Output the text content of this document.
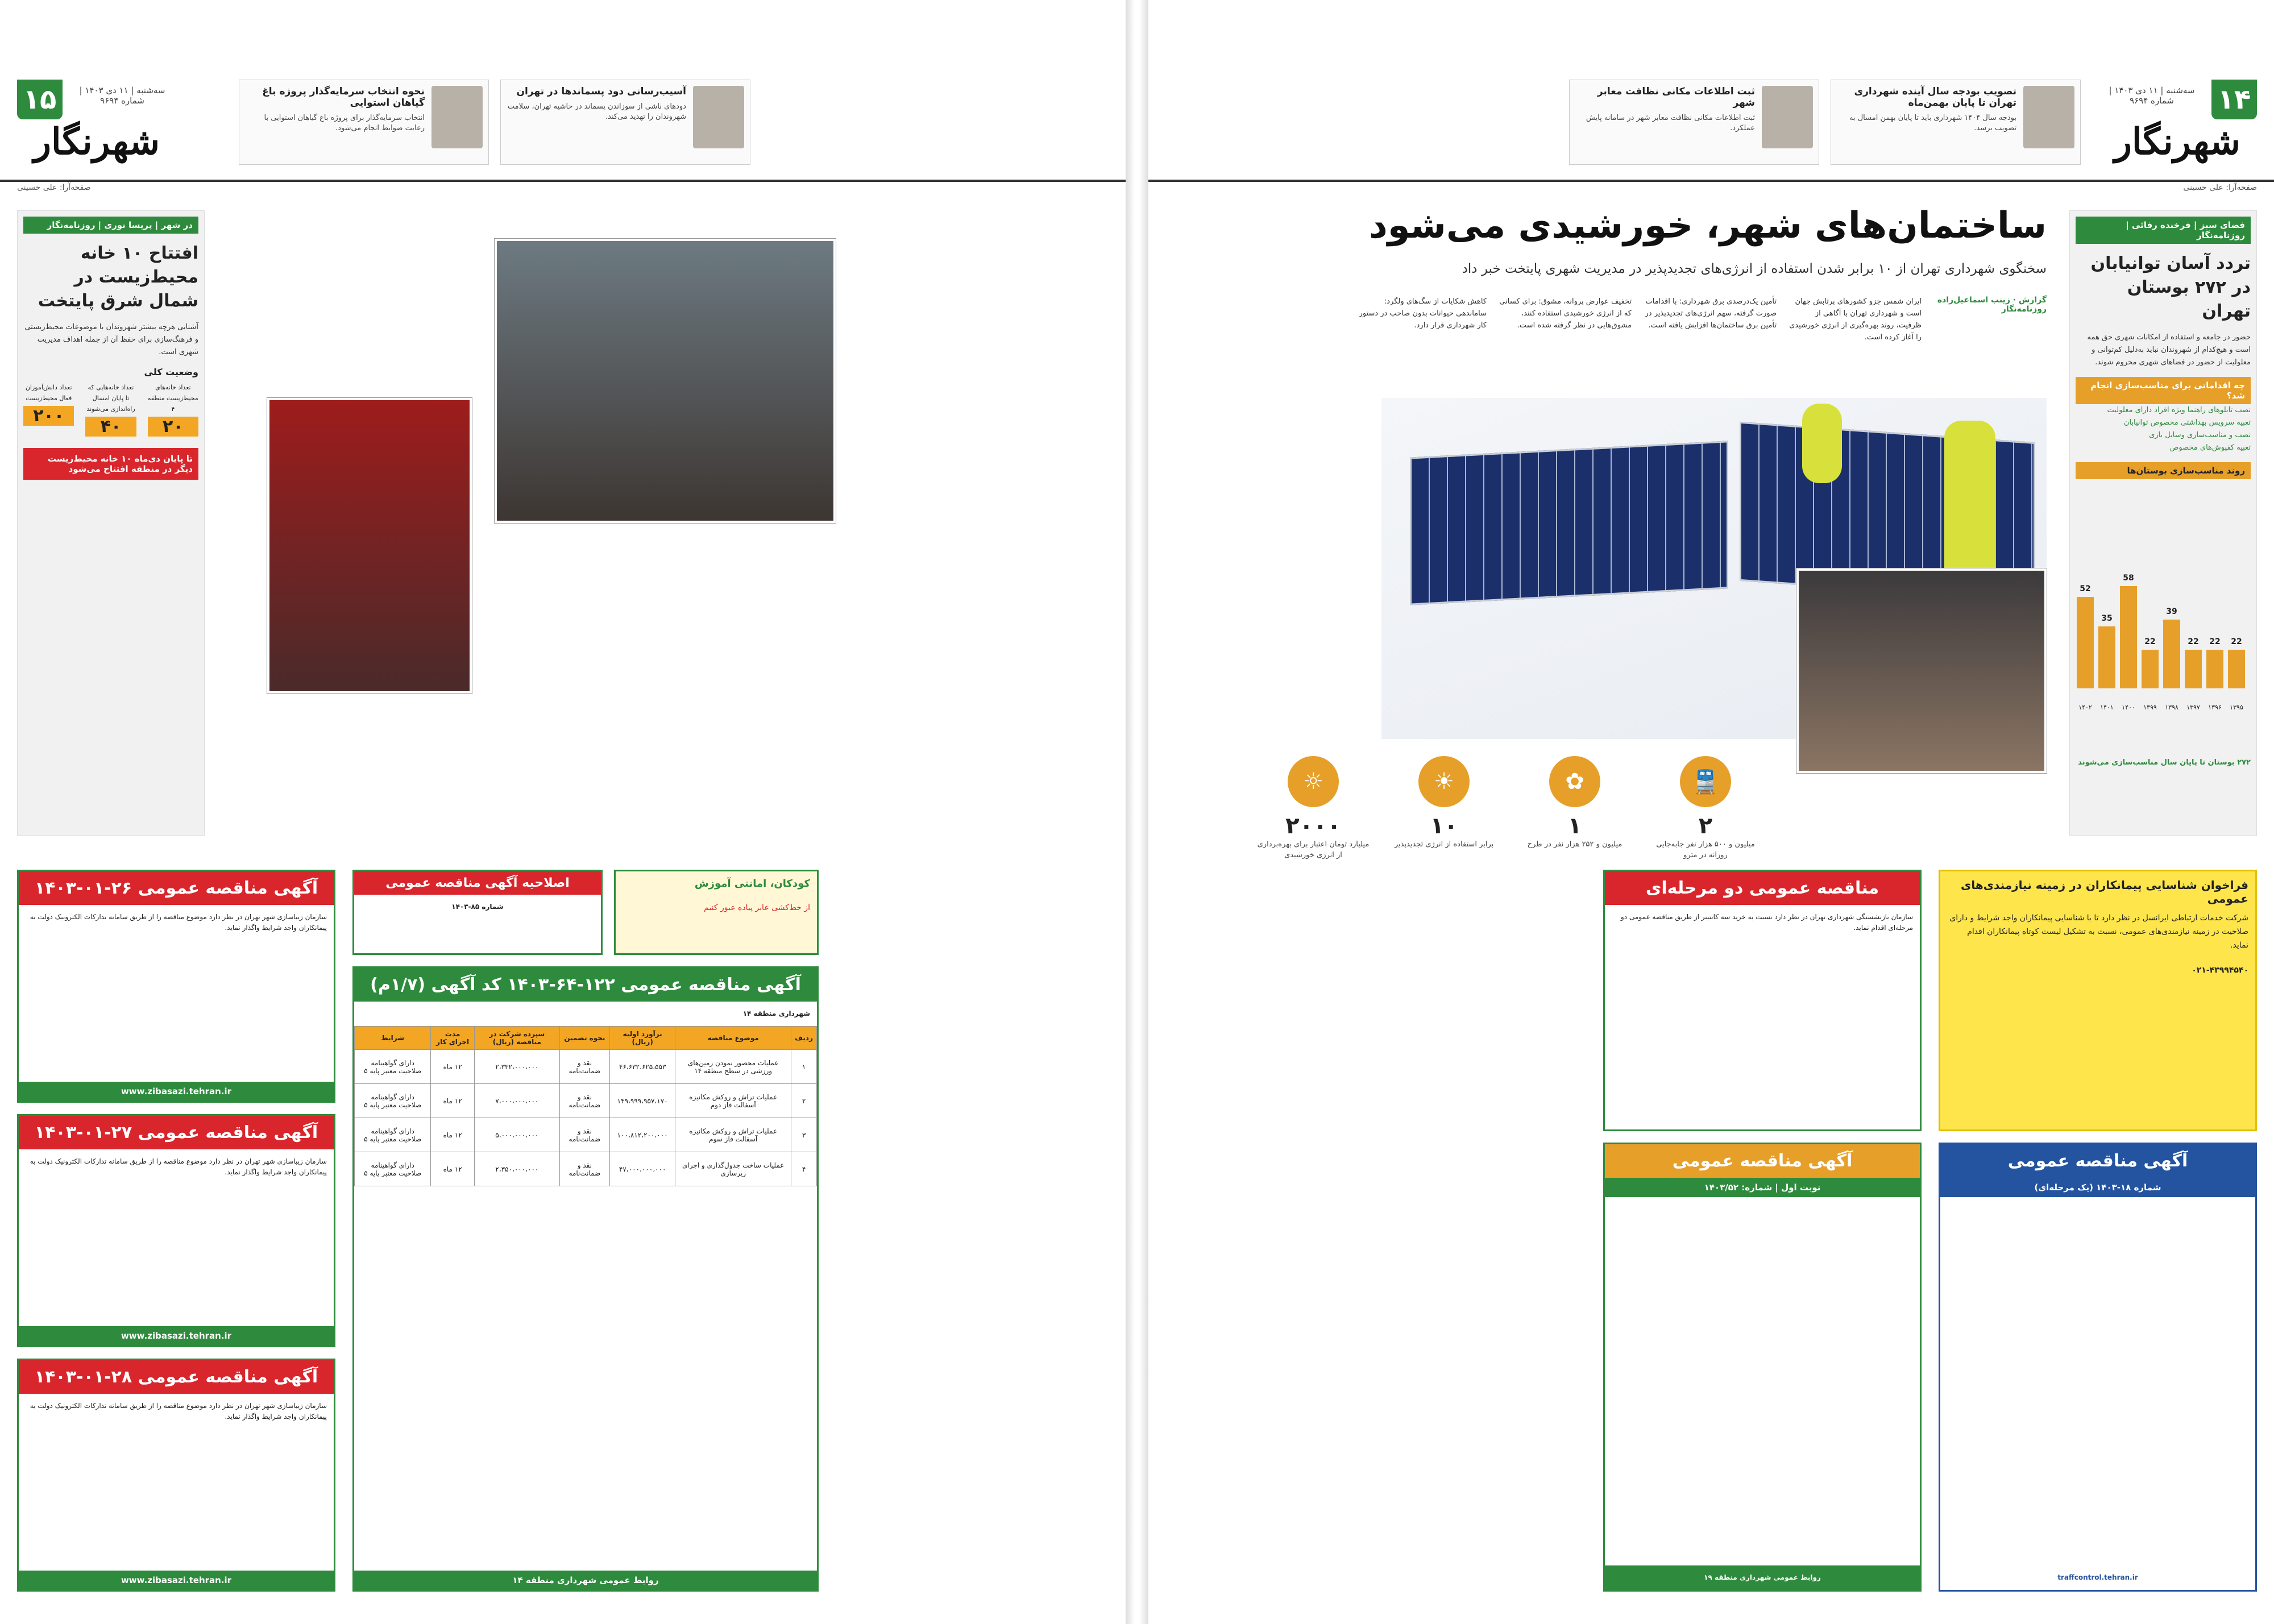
۱۴
سه‌شنبه | ۱۱ دی ۱۴۰۳ | شماره ۹۶۹۴
شهرنگار
تصویب بودجه سال آینده شهرداری تهران تا پایان بهمن‌ماه

بودجه سال ۱۴۰۴ شهرداری باید تا پایان بهمن امسال به تصویب برسد.

ثبت اطلاعات مکانی نظافت معابر شهر

ثبت اطلاعات مکانی نظافت معابر شهر در سامانه پایش عملکرد.

صفحه‌آرا: علی حسینی
فضای سبز | فرخنده رفائی | روزنامه‌نگار
تردد آسان توانیابان در ۲۷۲ بوستان تهران

حضور در جامعه و استفاده از امکانات شهری حق همه است و هیچ‌کدام از شهروندان نباید به‌دلیل کم‌توانی و معلولیت از حضور در فضاهای شهری محروم شوند.

چه اقداماتی برای مناسب‌سازی انجام شد؟
نصب تابلوهای راهنما ویژه افراد دارای معلولیت
تعبیه سرویس بهداشتی مخصوص توانیابان
نصب و مناسب‌سازی وسایل بازی
تعبیه کفپوش‌های مخصوص
روند مناسب‌سازی بوستان‌ها
22
۱۳۹۵
22
۱۳۹۶
22
۱۳۹۷
39
۱۳۹۸
22
۱۳۹۹
58
۱۴۰۰
35
۱۴۰۱
52
۱۴۰۲

۲۷۲ بوستان تا پایان سال مناسب‌سازی می‌شوند

ساختمان‌های شهر، خورشیدی می‌شود
سخنگوی شهرداری تهران از ۱۰ برابر شدن استفاده از انرژی‌های تجدیدپذیر در مدیریت شهری پایتخت خبر داد
گزارش · زینب‌ اسماعیل‌زاده
روزنامه‌نگار
ایران شمس جزو کشورهای پرتابش جهان است و شهرداری تهران با آگاهی از ظرفیت، روند بهره‌گیری از انرژی خورشیدی را آغاز کرده است.
تأمین یک‌درصدی برق شهرداری: با اقدامات صورت گرفته، سهم انرژی‌های تجدیدپذیر در تأمین برق ساختمان‌ها افزایش یافته است.
تخفیف عوارض پروانه، مشوق: برای کسانی که از انرژی خورشیدی استفاده کنند، مشوق‌هایی در نظر گرفته شده است.
کاهش شکایات از سگ‌های ولگرد: ساماندهی حیوانات بدون صاحب در دستور کار شهرداری قرار دارد.
🚆
۲
میلیون و ۵۰۰ هزار نفر جابه‌جایی روزانه در مترو
✿
۱
میلیون و ۲۵۲ هزار نفر در طرح
☀
۱۰
برابر استفاده از انرژی تجدیدپذیر
☼
۲۰۰۰
میلیارد تومان اعتبار برای بهره‌برداری از انرژی خورشیدی
فراخوان شناسایی پیمانکاران در زمینه نیازمندی‌های عمومی

شرکت خدمات ارتباطی ایرانسل در نظر دارد تا با شناسایی پیمانکاران واجد شرایط و دارای صلاحیت در زمینه نیازمندی‌های عمومی، نسبت به تشکیل لیست کوتاه پیمانکاران اقدام نماید.

۰۲۱-۴۳۹۹۴۵۴۰

مناقصه عمومی دو مرحله‌ای
سازمان بازنشستگی شهرداری تهران در نظر دارد نسبت به خرید سه کانتینر از طریق مناقصه عمومی دو مرحله‌ای اقدام نماید.
آگهی مناقصه عمومی
شماره ۱۸-۱۴۰۳ (یک مرحله‌ای)
traffcontrol.tehran.ir
آگهی مناقصه عمومی
نوبت اول | شماره: ۱۴۰۳/۵۲
روابط عمومی شهرداری منطقه ۱۹
۱۵	سه‌شنبه | ۱۱ دی ۱۴۰۳ | شماره ۹۶۹۴
شهرنگار
آسیب‌رسانی دود پسماندها در تهران

دودهای ناشی از سوزاندن پسماند در حاشیه تهران، سلامت شهروندان را تهدید می‌کند.

نحوه انتخاب سرمایه‌گذار پروژه باغ گیاهان استوایی

انتخاب سرمایه‌گذار برای پروژه باغ گیاهان استوایی با رعایت ضوابط انجام می‌شود.

صفحه‌آرا: علی حسینی
در شهر | پریسا نوری | روزنامه‌نگار
افتتاح ۱۰ خانه محیط‌زیست در شمال شرق پایتخت

آشنایی هرچه بیشتر شهروندان با موضوعات محیط‌زیستی و فرهنگ‌سازی برای حفظ آن از جمله اهداف مدیریت شهری است.

وضعیت کلی
تعداد خانه‌های محیط‌زیست منطقه ۴
۲۰
تعداد خانه‌هایی که تا پایان امسال راه‌اندازی می‌شوند
۴۰
تعداد دانش‌آموزان فعال محیط‌زیست
۲۰۰
تا پایان دی‌ماه ۱۰ خانه محیط‌زیست دیگر در منطقه افتتاح می‌شود
آگهی مناقصه عمومی ۲۶-۰۱-۱۴۰۳
سازمان زیباسازی شهر تهران در نظر دارد موضوع مناقصه را از طریق سامانه تدارکات الکترونیک دولت به پیمانکاران واجد شرایط واگذار نماید.
www.zibasazi.tehran.ir
آگهی مناقصه عمومی ۲۷-۰۱-۱۴۰۳
سازمان زیباسازی شهر تهران در نظر دارد موضوع مناقصه را از طریق سامانه تدارکات الکترونیک دولت به پیمانکاران واجد شرایط واگذار نماید.
www.zibasazi.tehran.ir
آگهی مناقصه عمومی ۲۸-۰۱-۱۴۰۳
سازمان زیباسازی شهر تهران در نظر دارد موضوع مناقصه را از طریق سامانه تدارکات الکترونیک دولت به پیمانکاران واجد شرایط واگذار نماید.
www.zibasazi.tehran.ir
اصلاحیه آگهی مناقصه عمومی
شماره ۸۵-۱۴۰۳
کودکان، امانتی آموزش
از خط‌کشی عابر پیاده عبور کنیم
آگهی مناقصه عمومی ۱۲۲-۶۴-۱۴۰۳ کد آگهی (۱/۷م)
شهرداری منطقه ۱۴
ردیف	موضوع مناقصه	برآورد اولیه (ریال)	نحوه تضمین	سپرده شرکت در مناقصه (ریال)	مدت اجرای کار	شرایط
۱	عملیات محصور نمودن زمین‌های ورزشی در سطح منطقه ۱۴	۴۶،۶۳۲،۶۲۵،۵۵۳	نقد و ضمانت‌نامه	۲،۳۳۲،۰۰۰،۰۰۰	۱۲ ماه	دارای گواهینامه صلاحیت معتبر پایه ۵
۲	عملیات تراش و روکش مکانیزه آسفالت فاز دوم	۱۴۹،۹۹۹،۹۵۷،۱۷۰	نقد و ضمانت‌نامه	۷،۰۰۰،۰۰۰،۰۰۰	۱۲ ماه	دارای گواهینامه صلاحیت معتبر پایه ۵
۳	عملیات تراش و روکش مکانیزه آسفالت فاز سوم	۱۰۰،۸۱۲،۲۰۰،۰۰۰	نقد و ضمانت‌نامه	۵،۰۰۰،۰۰۰،۰۰۰	۱۲ ماه	دارای گواهینامه صلاحیت معتبر پایه ۵
۴	عملیات ساخت جدول‌گذاری و اجرای زیرسازی	۴۷،۰۰۰،۰۰۰،۰۰۰	نقد و ضمانت‌نامه	۲،۳۵۰،۰۰۰،۰۰۰	۱۲ ماه	دارای گواهینامه صلاحیت معتبر پایه ۵
روابط عمومی شهرداری منطقه ۱۴
